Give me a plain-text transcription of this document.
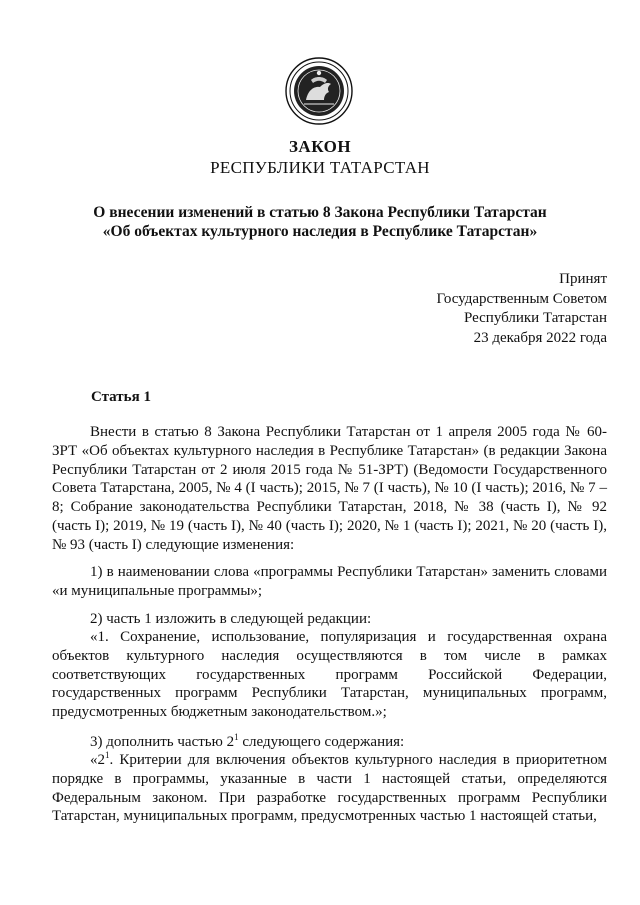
ЗАКОН
РЕСПУБЛИКИ ТАТАРСТАН
О внесении изменений в статью 8 Закона Республики Татарстан
«Об объектах культурного наследия в Республике Татарстан»
Принят
Государственным Советом
Республики Татарстан
23 декабря 2022 года
Статья 1
Внести в статью 8 Закона Республики Татарстан от 1 апреля 2005 года № 60-ЗРТ «Об объектах культурного наследия в Республике Татарстан» (в редакции Закона Республики Татарстан от 2 июля 2015 года № 51-ЗРТ) (Ведомости Государственного Совета Татарстана, 2005, № 4 (I часть); 2015, № 7 (I часть), № 10 (I часть); 2016, № 7 – 8; Собрание законодательства Республики Татарстан, 2018, № 38 (часть I), № 92 (часть I); 2019, № 19 (часть I), № 40 (часть I); 2020, № 1 (часть I); 2021, № 20 (часть I), № 93 (часть I) следующие изменения:
1) в наименовании слова «программы Республики Татарстан» заменить словами «и муниципальные программы»;
2) часть 1 изложить в следующей редакции:
«1. Сохранение, использование, популяризация и государственная охрана объектов культурного наследия осуществляются в том числе в рамках соответствующих государственных программ Российской Федерации, государственных программ Республики Татарстан, муниципальных программ, предусмотренных бюджетным законодательством.»;
3) дополнить частью $2^1$ следующего содержания:
«$2^1$. Критерии для включения объектов культурного наследия в приоритетном порядке в программы, указанные в части 1 настоящей статьи, определяются Федеральным законом. При разработке государственных программ Республики Татарстан, муниципальных программ, предусмотренных частью 1 настоящей статьи,
